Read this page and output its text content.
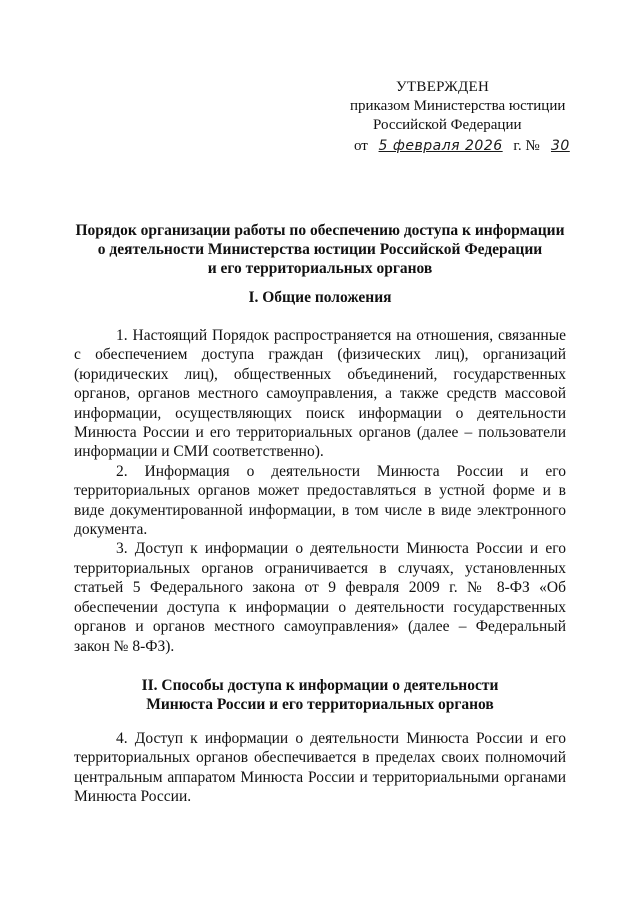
УТВЕРЖДЕН
приказом Министерства юстиции
Российской Федерации
от 5 февраля 2026 г. № 30
Порядок организации работы по обеспечению доступа к информации
о деятельности Министерства юстиции Российской Федерации
и его территориальных органов
I. Общие положения

1. Настоящий Порядок распространяется на отношения, связанные с обеспечением доступа граждан (физических лиц), организаций (юридических лиц), общественных объединений, государственных органов, органов местного самоуправления, а также средств массовой информации, осуществляющих поиск информации о деятельности Минюста России и его территориальных органов (далее – пользователи информации и СМИ соответственно).

2. Информация о деятельности Минюста России и его территориальных органов может предоставляться в устной форме и в виде документированной информации, в том числе в виде электронного документа.

3. Доступ к информации о деятельности Минюста России и его территориальных органов ограничивается в случаях, установленных статьей 5 Федерального закона от 9 февраля 2009 г. № 8-ФЗ «Об обеспечении доступа к информации о деятельности государственных органов и органов местного самоуправления» (далее – Федеральный закон № 8-ФЗ).

II. Способы доступа к информации о деятельности
Минюста России и его территориальных органов

4. Доступ к информации о деятельности Минюста России и его территориальных органов обеспечивается в пределах своих полномочий центральным аппаратом Минюста России и территориальными органами Минюста России.
